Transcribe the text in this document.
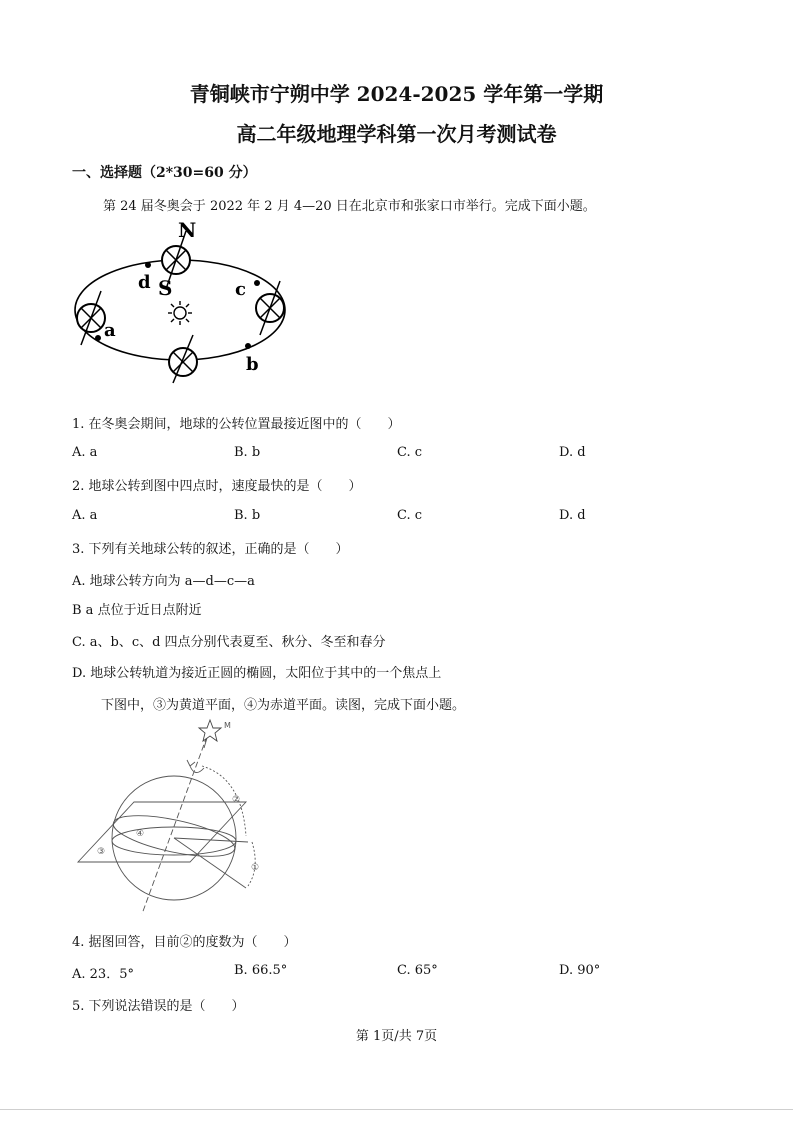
青铜峡市宁朔中学 2024-2025 学年第一学期
高二年级地理学科第一次月考测试卷
一、选择题（2*30=60 分）
第 24 届冬奥会于 2022 年 2 月 4—20 日在北京市和张家口市举行。完成下面小题。
N
S
d
a
c
b
1. 在冬奥会期间，地球的公转位置最接近图中的（　　）
A. a	B. b	C. c	D. d
2. 地球公转到图中四点时，速度最快的是（　　）
A. a	B. b	C. c	D. d
3. 下列有关地球公转的叙述，正确的是（　　）
A. 地球公转方向为 a—d—c—a
B a 点位于近日点附近
C. a、b、c、d 四点分别代表夏至、秋分、冬至和春分
D. 地球公转轨道为接近正圆的椭圆，太阳位于其中的一个焦点上
下图中，③为黄道平面，④为赤道平面。读图，完成下面小题。
M
②
①
③
④
4. 据图回答，目前②的度数为（　　）
A. 23．5°	B. 66.5°	C. 65°	D. 90°
5. 下列说法错误的是（　　）
第 1页/共 7页
